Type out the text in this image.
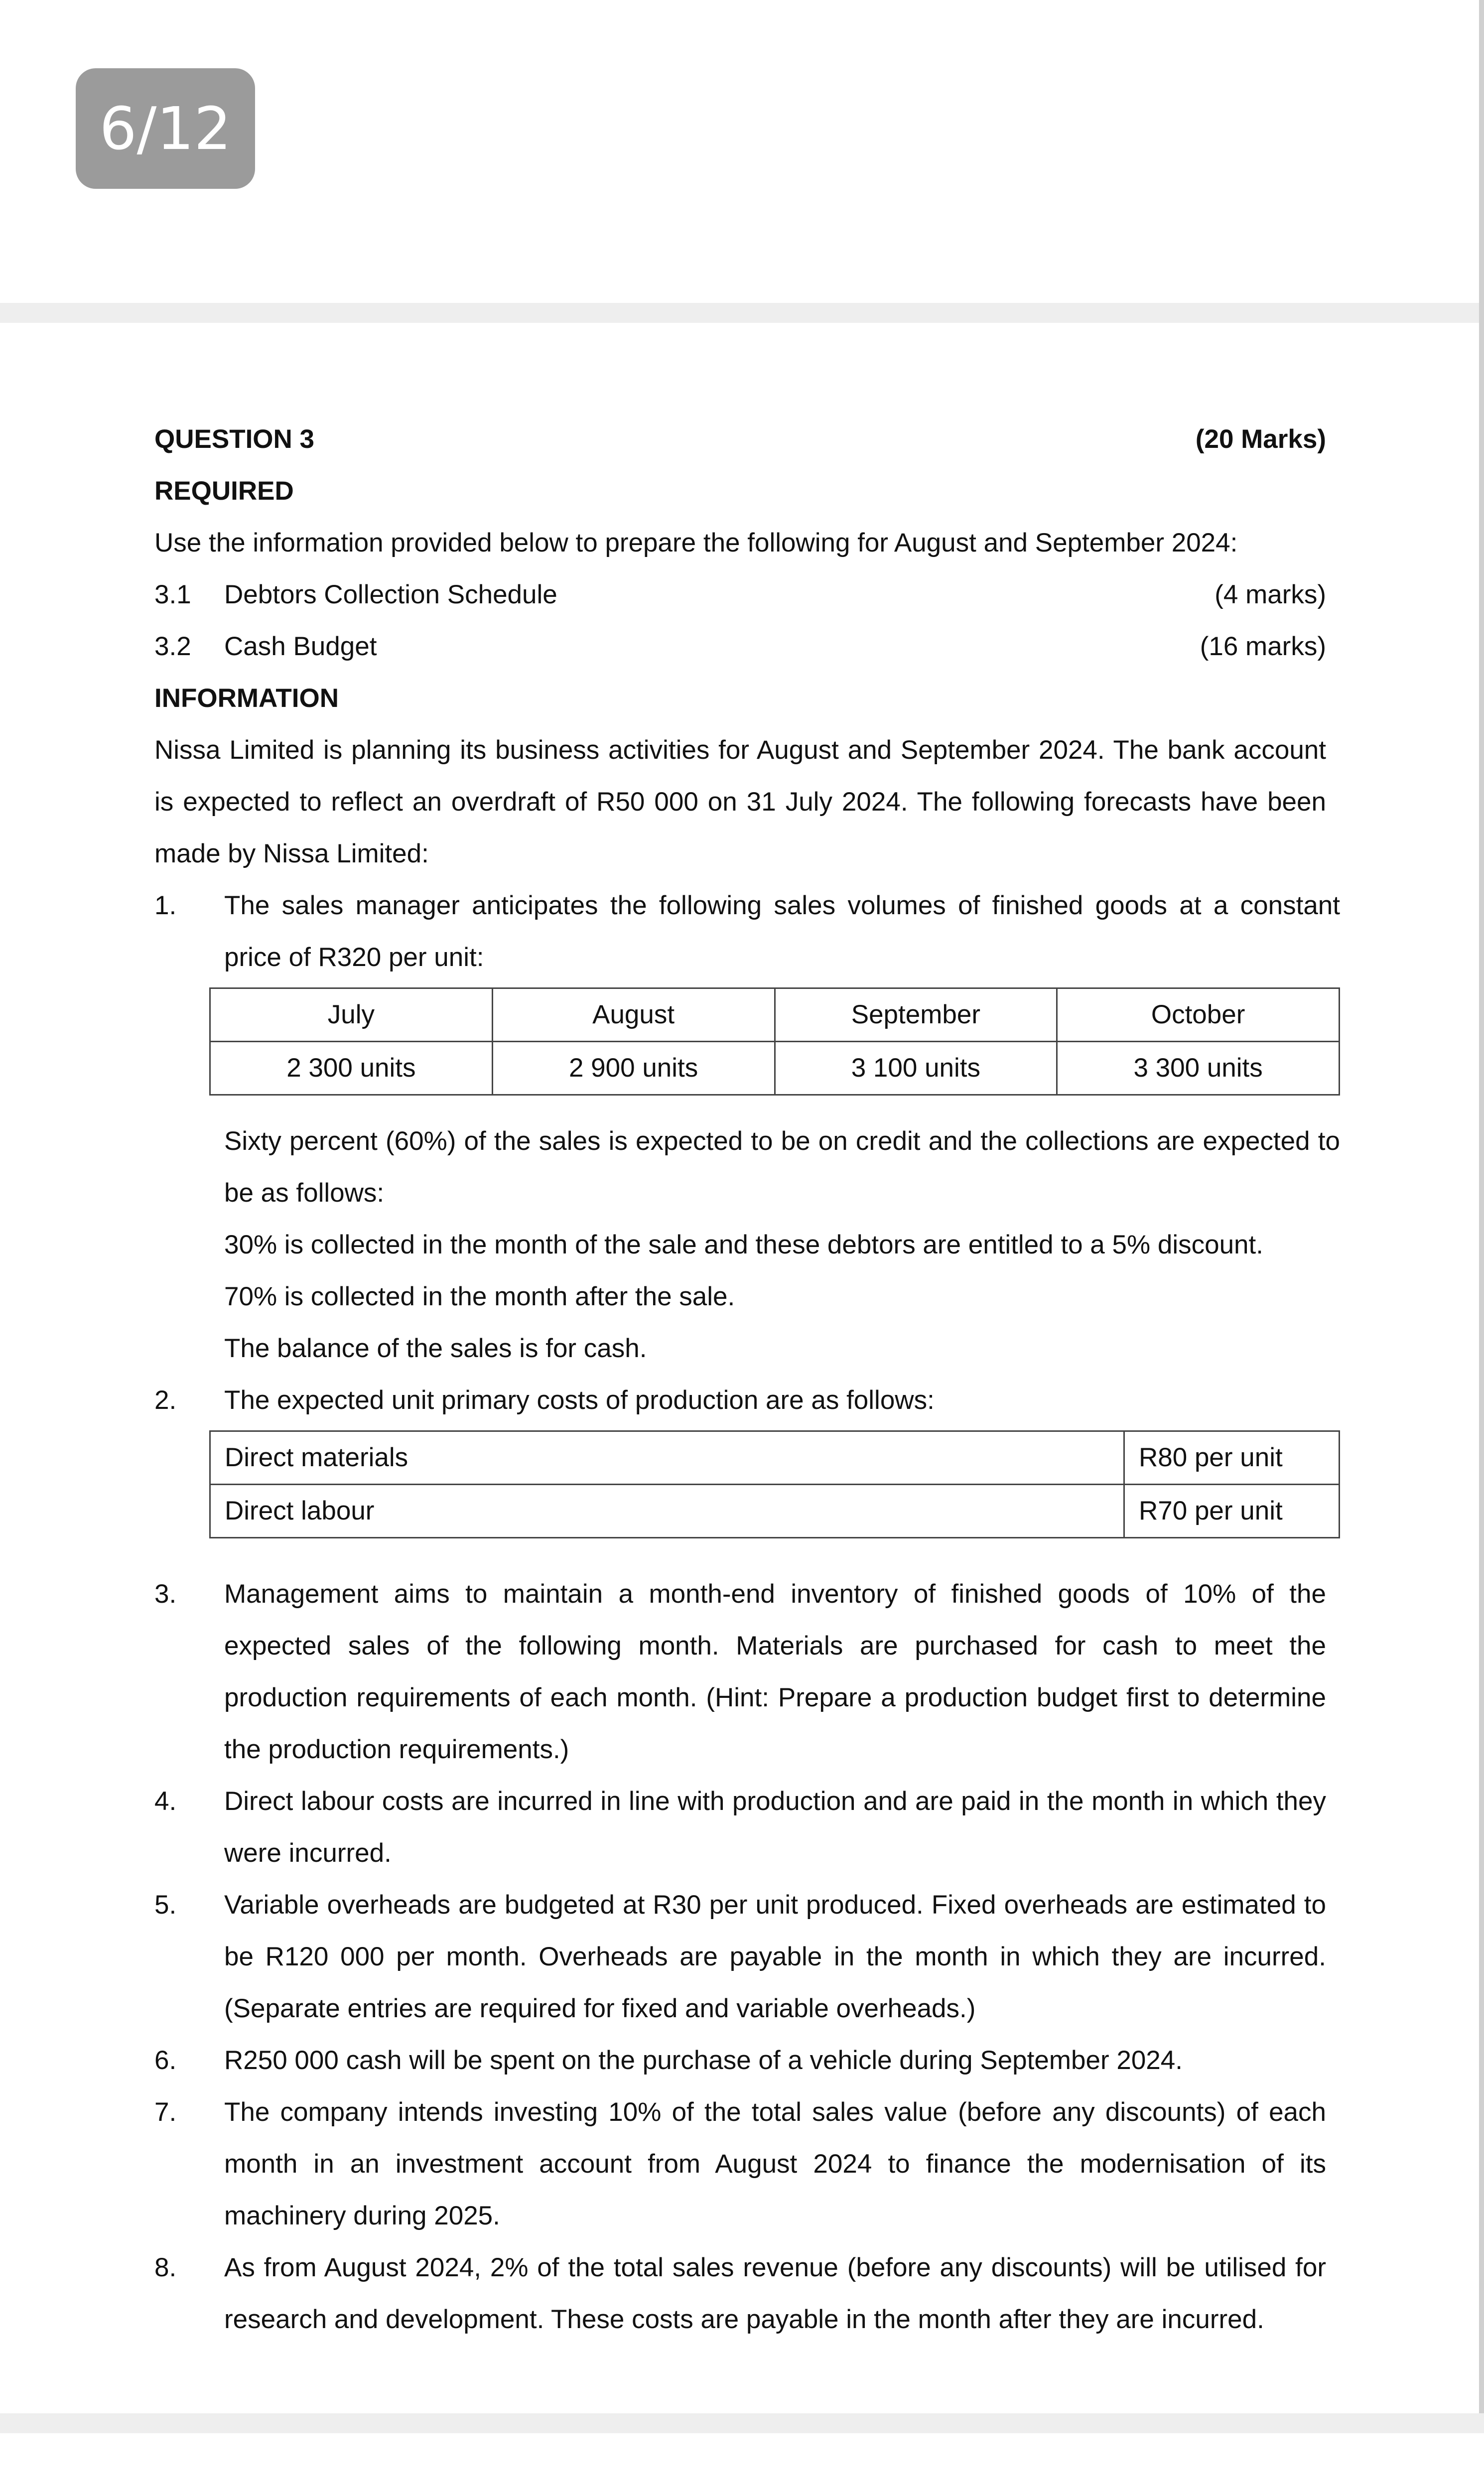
6/12
QUESTION 3	(20 Marks)
REQUIRED

Use the information provided below to prepare the following for August and September 2024:

3.1	Debtors Collection Schedule	(4 marks)
3.2	Cash Budget	(16 marks)
INFORMATION

Nissa Limited is planning its business activities for August and September 2024. The bank account is expected to reflect an overdraft of R50 000 on 31 July 2024. The following forecasts have been made by Nissa Limited:

1.	The sales manager anticipates the following sales volumes of finished goods at a constant price of R320 per unit:
July	August	September	October
2 300 units	2 900 units	3 100 units	3 300 units
Sixty percent (60%) of the sales is expected to be on credit and the collections are expected to be as follows:
30% is collected in the month of the sale and these debtors are entitled to a 5% discount.
70% is collected in the month after the sale.
The balance of the sales is for cash.
2.	The expected unit primary costs of production are as follows:
Direct materials	R80 per unit
Direct labour	R70 per unit
3.	Management aims to maintain a month-end inventory of finished goods of 10% of the expected sales of the following month. Materials are purchased for cash to meet the production requirements of each month. (Hint: Prepare a production budget first to determine the production requirements.)
4.	Direct labour costs are incurred in line with production and are paid in the month in which they were incurred.
5.	Variable overheads are budgeted at R30 per unit produced. Fixed overheads are estimated to be R120 000 per month. Overheads are payable in the month in which they are incurred. (Separate entries are required for fixed and variable overheads.)
6.	R250 000 cash will be spent on the purchase of a vehicle during September 2024.
7.	The company intends investing 10% of the total sales value (before any discounts) of each month in an investment account from August 2024 to finance the modernisation of its machinery during 2025.
8.	As from August 2024, 2% of the total sales revenue (before any discounts) will be utilised for research and development. These costs are payable in the month after they are incurred.
